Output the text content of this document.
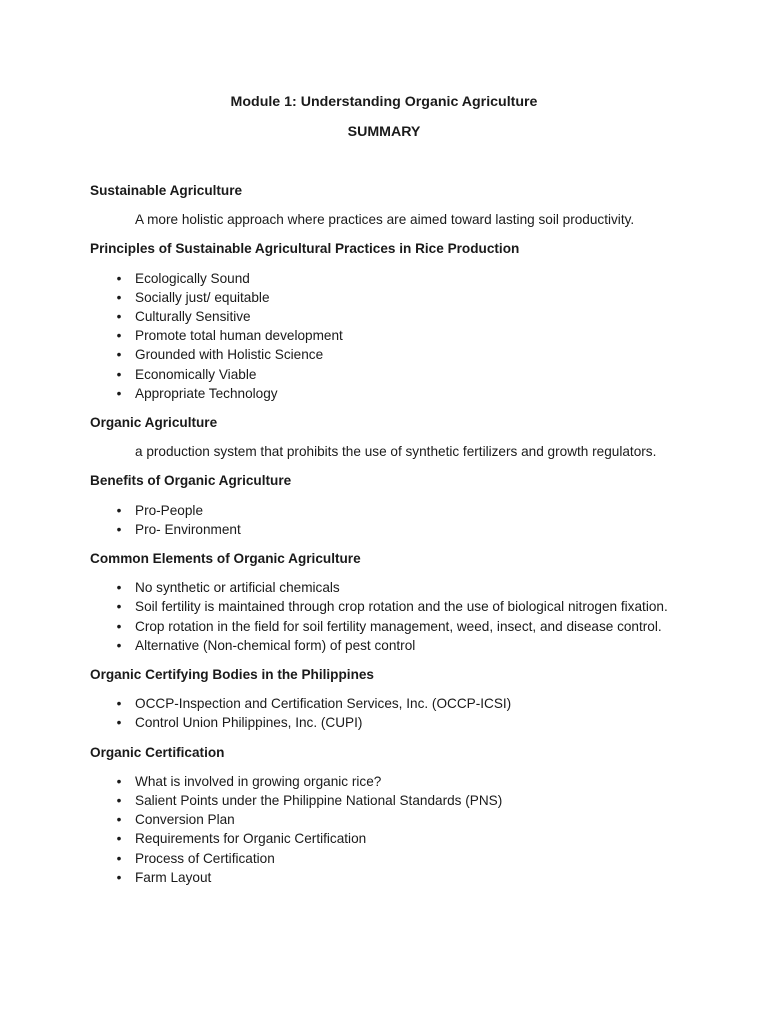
Module 1: Understanding Organic Agriculture
SUMMARY
Sustainable Agriculture
A more holistic approach where practices are aimed toward lasting soil productivity.
Principles of Sustainable Agricultural Practices in Rice Production
• Ecologically Sound
• Socially just/ equitable
• Culturally Sensitive
• Promote total human development
• Grounded with Holistic Science
• Economically Viable
• Appropriate Technology
Organic Agriculture
a production system that prohibits the use of synthetic fertilizers and growth regulators.
Benefits of Organic Agriculture
• Pro-People
• Pro- Environment
Common Elements of Organic Agriculture
• No synthetic or artificial chemicals
• Soil fertility is maintained through crop rotation and the use of biological nitrogen fixation.
• Crop rotation in the field for soil fertility management, weed, insect, and disease control.
• Alternative (Non-chemical form) of pest control
Organic Certifying Bodies in the Philippines
• OCCP-Inspection and Certification Services, Inc. (OCCP-ICSI)
• Control Union Philippines, Inc. (CUPI)
Organic Certification
• What is involved in growing organic rice?
• Salient Points under the Philippine National Standards (PNS)
• Conversion Plan
• Requirements for Organic Certification
• Process of Certification
• Farm Layout
